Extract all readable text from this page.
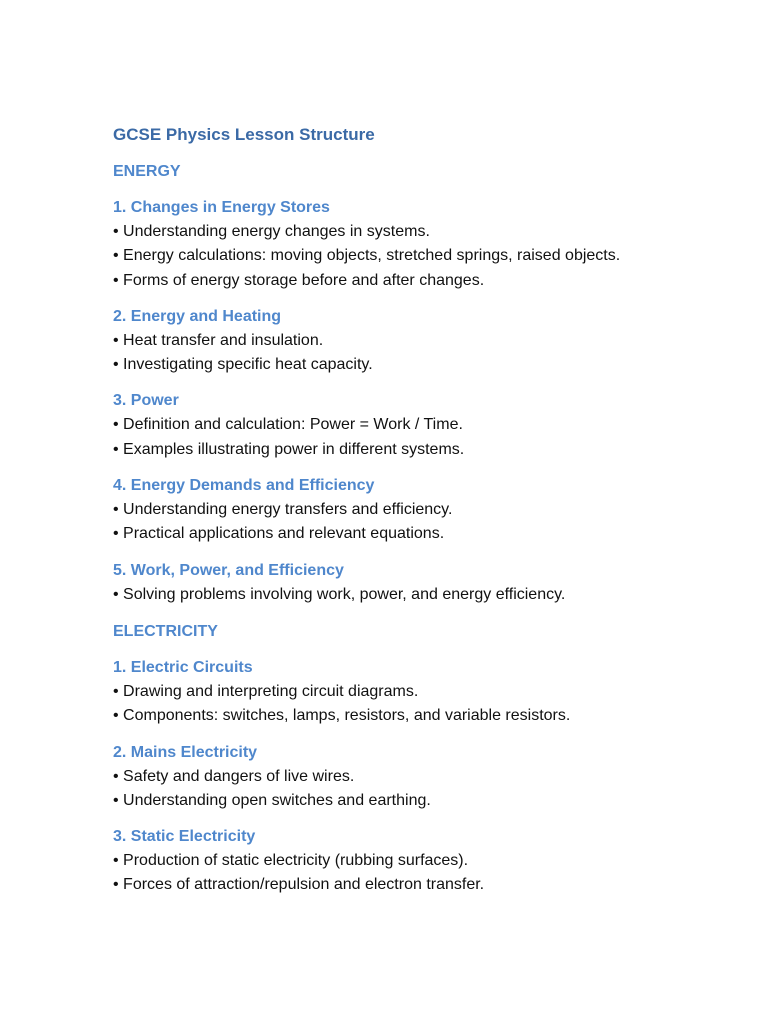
GCSE Physics Lesson Structure
ENERGY
1. Changes in Energy Stores

• Understanding energy changes in systems.

• Energy calculations: moving objects, stretched springs, raised objects.

• Forms of energy storage before and after changes.

2. Energy and Heating

• Heat transfer and insulation.

• Investigating specific heat capacity.

3. Power

• Definition and calculation: Power = Work / Time.

• Examples illustrating power in different systems.

4. Energy Demands and Efficiency

• Understanding energy transfers and efficiency.

• Practical applications and relevant equations.

5. Work, Power, and Efficiency

• Solving problems involving work, power, and energy efficiency.

ELECTRICITY
1. Electric Circuits

• Drawing and interpreting circuit diagrams.

• Components: switches, lamps, resistors, and variable resistors.

2. Mains Electricity

• Safety and dangers of live wires.

• Understanding open switches and earthing.

3. Static Electricity

• Production of static electricity (rubbing surfaces).

• Forces of attraction/repulsion and electron transfer.
